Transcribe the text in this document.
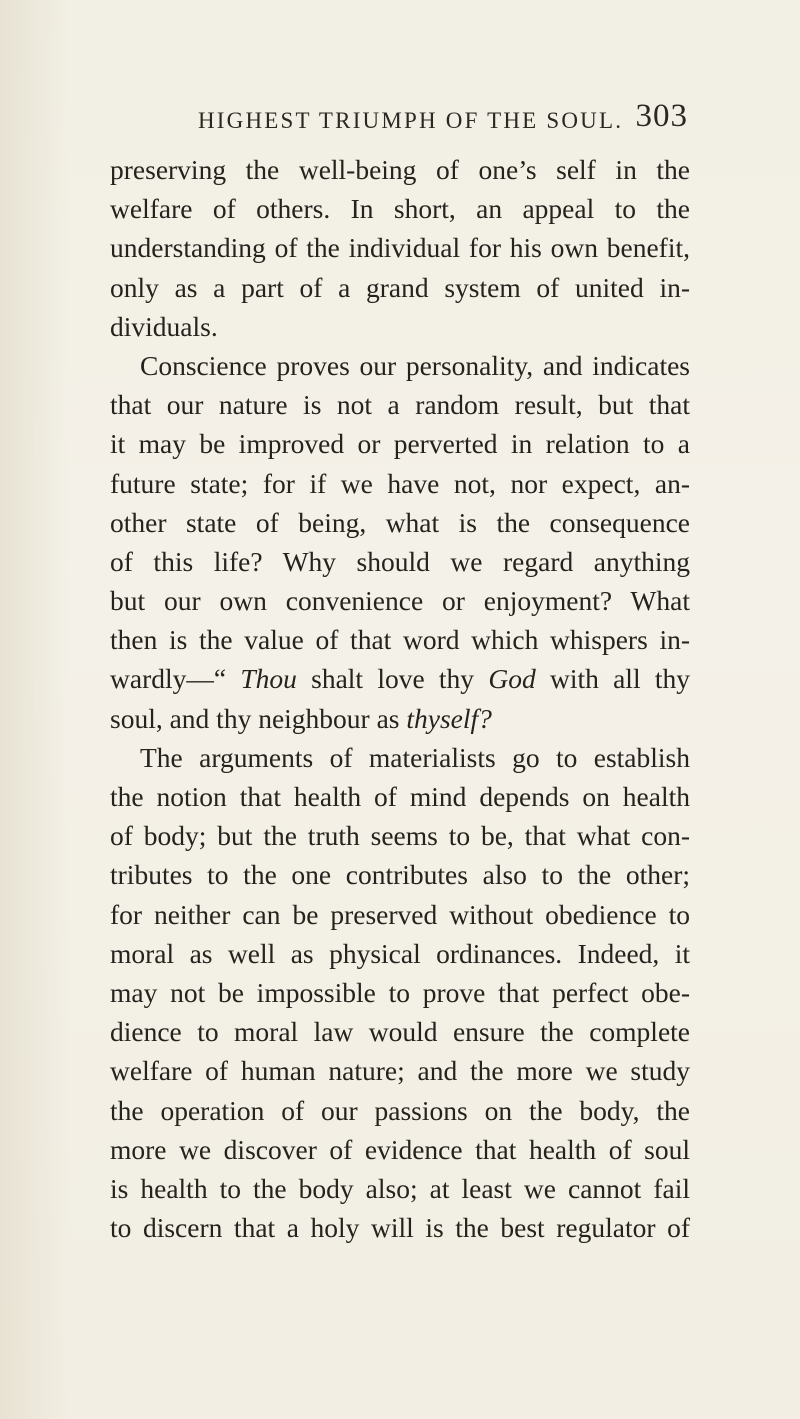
HIGHEST TRIUMPH OF THE SOUL. 303
preserving the well-being of one’s self in the
welfare of others. In short, an appeal to the
understanding of the individual for his own benefit,
only as a part of a grand system of united in-
dividuals.
Conscience proves our personality, and indicates
that our nature is not a random result, but that
it may be improved or perverted in relation to a
future state; for if we have not, nor expect, an-
other state of being, what is the consequence
of this life? Why should we regard anything
but our own convenience or enjoyment? What
then is the value of that word which whispers in-
wardly—“ Thou shalt love thy God with all thy
soul, and thy neighbour as thyself?
The arguments of materialists go to establish
the notion that health of mind depends on health
of body; but the truth seems to be, that what con-
tributes to the one contributes also to the other;
for neither can be preserved without obedience to
moral as well as physical ordinances. Indeed, it
may not be impossible to prove that perfect obe-
dience to moral law would ensure the complete
welfare of human nature; and the more we study
the operation of our passions on the body, the
more we discover of evidence that health of soul
is health to the body also; at least we cannot fail
to discern that a holy will is the best regulator of
